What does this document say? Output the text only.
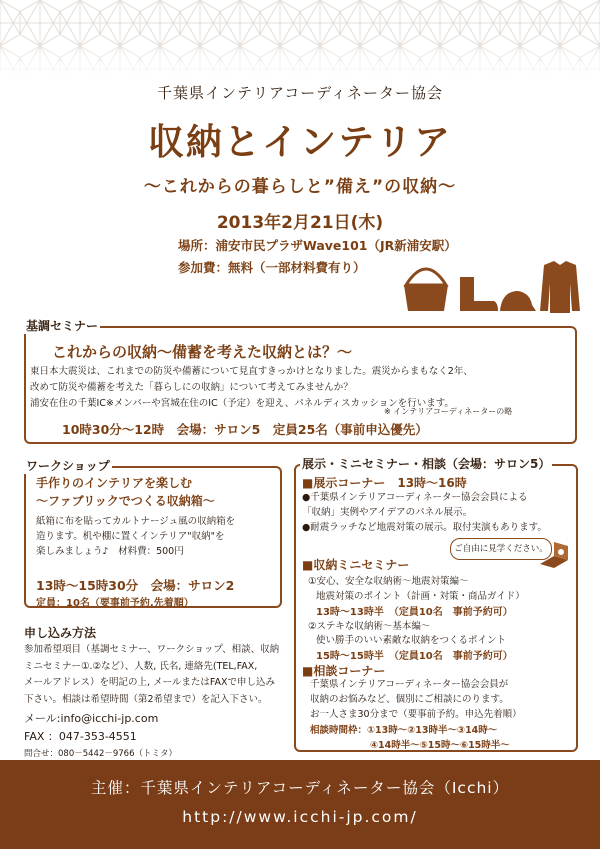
千葉県インテリアコーディネーター協会
収納とインテリア
～これからの暮らしと”備え”の収納～
2013年2月21日(木)
場所：浦安市民プラザWave101（JR新浦安駅）
参加費：無料（一部材料費有り）
基調セミナー
これからの収納～備蓄を考えた収納とは？～
東日本大震災は、これまでの防災や備蓄について見直すきっかけとなりました。震災からまもなく2年、
改めて防災や備蓄を考えた「暮らしにの収納」について考えてみませんか？
浦安在住の千葉IC※メンバーや宮城在住のIC（予定）を迎え、パネルディスカッションを行います。
※ インテリアコーディネーターの略
10時30分～12時　会場：サロン5　定員25名（事前申込優先）
ワークショップ
手作りのインテリアを楽しむ
～ファブリックでつくる収納箱～
紙箱に布を貼ってカルトナージュ風の収納箱を
造ります。机や棚に置くインテリア"収納"を
楽しみましょう♪　材料費：500円
13時～15時30分　会場：サロン2
定員：10名（要事前予約.先着順）
申し込み方法
参加希望項目（基調セミナー、ワークショップ、相談、収納
ミニセミナー①.②など）、人数, 氏名, 連絡先(TEL,FAX,
メールアドレス）を明記の上, メールまたはFAXで申し込み
下さい。相談は希望時間（第2希望まで）を記入下さい。
メール:info@icchi-jp.com
FAX ：047-353-4551
問合せ：080－5442－9766（トミタ）
展示・ミニセミナー・相談（会場：サロン5）
■展示コーナー　13時～16時
●千葉県インテリアコーディネーター協会会員による
「収納」実例やアイデアのパネル展示。
●耐震ラッチなど地震対策の展示。取付実演もあります。
ご自由に見学ください。
■収納ミニセミナー
①安心、安全な収納術～地震対策編～
地震対策のポイント（計画・対策・商品ガイド）
13時～13時半　（定員10名　事前予約可）
②ステキな収納術～基本編～
使い勝手のいい素敵な収納をつくるポイント
15時～15時半　（定員10名　事前予約可）
■相談コーナー
千葉県インテリアコーディネーター協会会員が
収納のお悩みなど、個別にご相談にのります。
お一人さま30分まで（要事前予約。申込先着順）
相談時間枠：①13時～②13時半～③14時～
④14時半～⑤15時～⑥15時半～
主催：千葉県インテリアコーディネーター協会（Icchi）
http://www.icchi-jp.com/
